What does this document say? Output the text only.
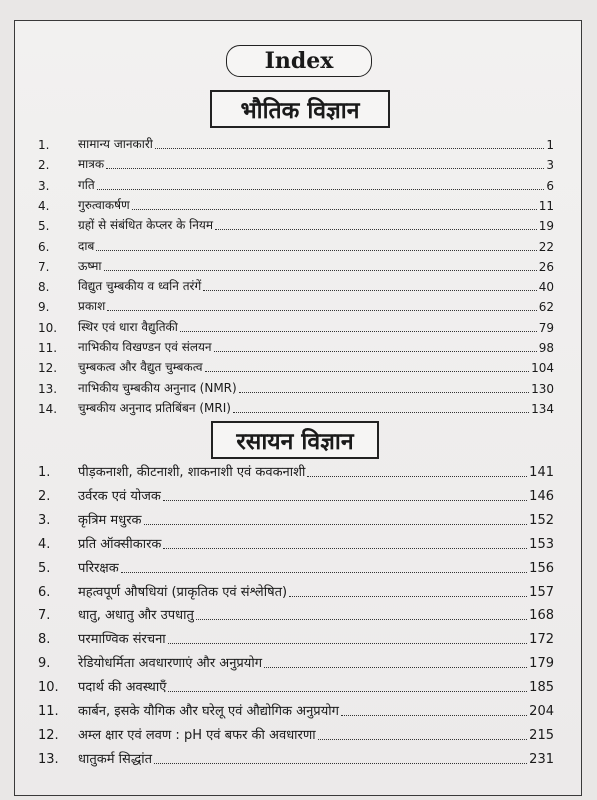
Index
भौतिक विज्ञान
1.	सामान्य जानकारी	1
2.	मात्रक	3
3.	गति	6
4.	गुरुत्वाकर्षण	11
5.	ग्रहों से संबंधित केप्लर के नियम	19
6.	दाब	22
7.	ऊष्मा	26
8.	विद्युत चुम्बकीय व ध्वनि तरंगें	40
9.	प्रकाश	62
10.	स्थिर एवं धारा वैद्युतिकी	79
11.	नाभिकीय विखण्डन एवं संलयन	98
12.	चुम्बकत्व और वैद्युत चुम्बकत्व	104
13.	नाभिकीय चुम्बकीय अनुनाद (NMR)	130
14.	चुम्बकीय अनुनाद प्रतिबिंबन (MRI)	134
रसायन विज्ञान
1.	पीड़कनाशी, कीटनाशी, शाकनाशी एवं कवकनाशी	141
2.	उर्वरक एवं योजक	146
3.	कृत्रिम मधुरक	152
4.	प्रति ऑक्सीकारक	153
5.	परिरक्षक	156
6.	महत्वपूर्ण औषधियां (प्राकृतिक एवं संश्लेषित)	157
7.	धातु, अधातु और उपधातु	168
8.	परमाण्विक संरचना	172
9.	रेडियोधर्मिता अवधारणाएं और अनुप्रयोग	179
10.	पदार्थ की अवस्थाएँ	185
11.	कार्बन, इसके यौगिक और घरेलू एवं औद्योगिक अनुप्रयोग	204
12.	अम्ल क्षार एवं लवण : pH एवं बफर की अवधारणा	215
13.	धातुकर्म सिद्धांत	231
